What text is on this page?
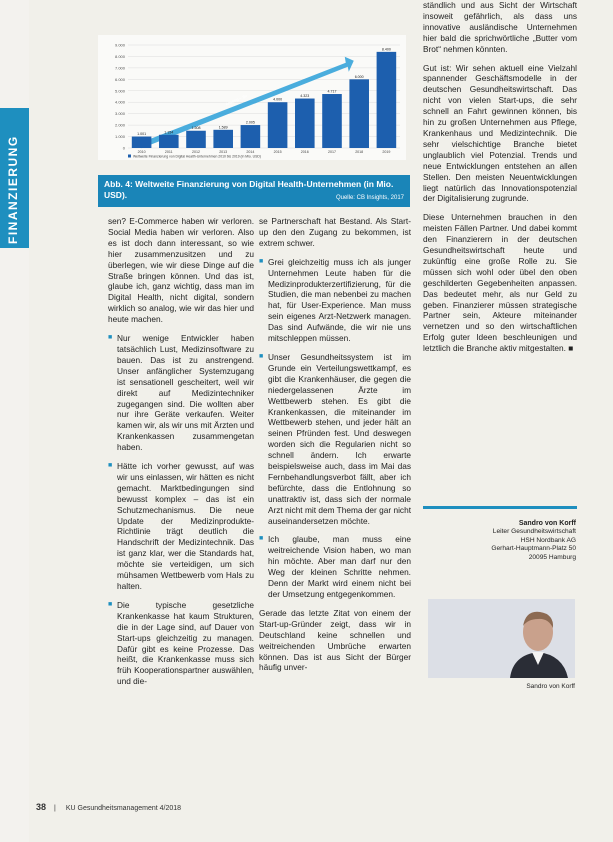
FINANZIERUNG
9.000
8.000
7.000
6.000
5.000
4.000
3.000
2.000
1.000
0
Anstieg ~ 8x
1.001
2010
1.154
2011
1.508
2012
1.589
2013
2.005
2014
4.000
2015
4.323
2016
4.717
2017
6.000
2018
8.400
2019
Weltweite Finanzierung von Digital Health-Unternehmen 2010 bis 2019 (in Mio. USD)
Abb. 4: Weltweite Finanzierung von Digital Health-Unternehmen (in Mio. USD).	Quelle: CB Insights, 2017

sen? E-Commerce haben wir verloren. Social Media haben wir verloren. Also es ist doch dann interessant, so wie hier zusammenzusitzen und zu überlegen, wie wir diese Dinge auf die Straße bringen können. Und das ist, glaube ich, ganz wichtig, dass man im Digital Health, nicht digital, sondern wirklich so analog, wie wir das hier und heute machen.

■ Nur wenige Entwickler haben tatsächlich Lust, Medizinsoftware zu bauen. Das ist zu anstrengend. Unser anfänglicher Systemzugang ist sensationell gescheitert, weil wir direkt auf Medizintechniker zugegangen sind. Die wollten aber nur ihre Geräte verkaufen. Weiter kamen wir, als wir uns mit Ärzten und Krankenkassen zusammengetan haben.

■ Hätte ich vorher gewusst, auf was wir uns einlassen, wir hätten es nicht gemacht. Marktbedingungen sind bewusst komplex – das ist ein Schutzmechanismus. Die neue Update der Medizinprodukte-Richtlinie trägt deutlich die Handschrift der Medizintechnik. Das ist ganz klar, wer die Standards hat, möchte sie verteidigen, um sich mühsamen Wettbewerb vom Hals zu halten.

■ Die typische gesetzliche Krankenkasse hat kaum Strukturen, die in der Lage sind, auf Dauer von Start-ups gleichzeitig zu managen. Dafür gibt es keine Prozesse. Das heißt, die Krankenkasse muss sich früh Kooperationspartner auswählen, und die-

se Partnerschaft hat Bestand. Als Start-up den den Zugang zu bekommen, ist extrem schwer.

■ Grei gleichzeitig muss ich als junger Unternehmen Leute haben für die Medizinprodukterzertifizierung, für die Studien, die man nebenbei zu machen hat, für User-Experience. Man muss sein eigenes Arzt-Netzwerk managen. Das sind Aufwände, die wir nie uns mitschleppen müssen.

■ Unser Gesundheitssystem ist im Grunde ein Verteilungswettkampf, es gibt die Krankenhäuser, die gegen die niedergelassenen Ärzte im Wettbewerb stehen. Es gibt die Krankenkassen, die miteinander im Wettbewerb stehen, und jeder hält an seinen Pfründen fest. Und deswegen worden sich die Regularien nicht so schnell ändern. Ich erwarte beispielsweise auch, dass im Mai das Fernbehandlungsverbot fällt, aber ich befürchte, dass die Entlohnung so unattraktiv ist, dass sich der normale Arzt nicht mit dem Thema der gar nicht auseinandersetzen möchte.

■ Ich glaube, man muss eine weitreichende Vision haben, wo man hin möchte. Aber man darf nur den Weg der kleinen Schritte nehmen. Denn der Markt wird einem nicht bei der Umsetzung entgegenkommen.

Gerade das letzte Zitat von einem der Start-up-Gründer zeigt, dass wir in Deutschland keine schnellen und weitreichenden Umbrüche erwarten können. Das ist aus Sicht der Bürger häufig unver-

ständlich und aus Sicht der Wirtschaft insoweit gefährlich, als dass uns innovative ausländische Unternehmen hier bald die sprichwörtliche „Butter vom Brot“ nehmen könnten.

Gut ist: Wir sehen aktuell eine Vielzahl spannender Geschäftsmodelle in der deutschen Gesundheitswirtschaft. Das nicht von vielen Start-ups, die sehr schnell an Fahrt gewinnen können, bis hin zu großen Unternehmen aus Pflege, Krankenhaus und Medizintechnik. Die sehr vielschichtige Branche bietet unglaublich viel Potenzial. Trends und neue Entwicklungen entstehen an allen Stellen. Den meisten Neuentwicklungen liegt natürlich das Innovationspotenzial der Digitalisierung zugrunde.

Diese Unternehmen brauchen in den meisten Fällen Partner. Und dabei kommt den Finanzierern in der deutschen Gesundheitswirtschaft heute und zukünftig eine große Rolle zu. Sie müssen sich wohl oder übel den oben geschilderten Gegebenheiten anpassen. Das bedeutet mehr, als nur Geld zu geben. Finanzierer müssen strategische Partner sein, Akteure miteinander vernetzen und so den wirtschaftlichen Erfolg guter Ideen beschleunigen und letztlich die Branche aktiv mitgestalten. ■

Sandro von Korff
Leiter Gesundheitswirtschaft
HSH Nordbank AG
Gerhart-Hauptmann-Platz 50
20095 Hamburg
Sandro von Korff
38 | KU Gesundheitsmanagement 4/2018
